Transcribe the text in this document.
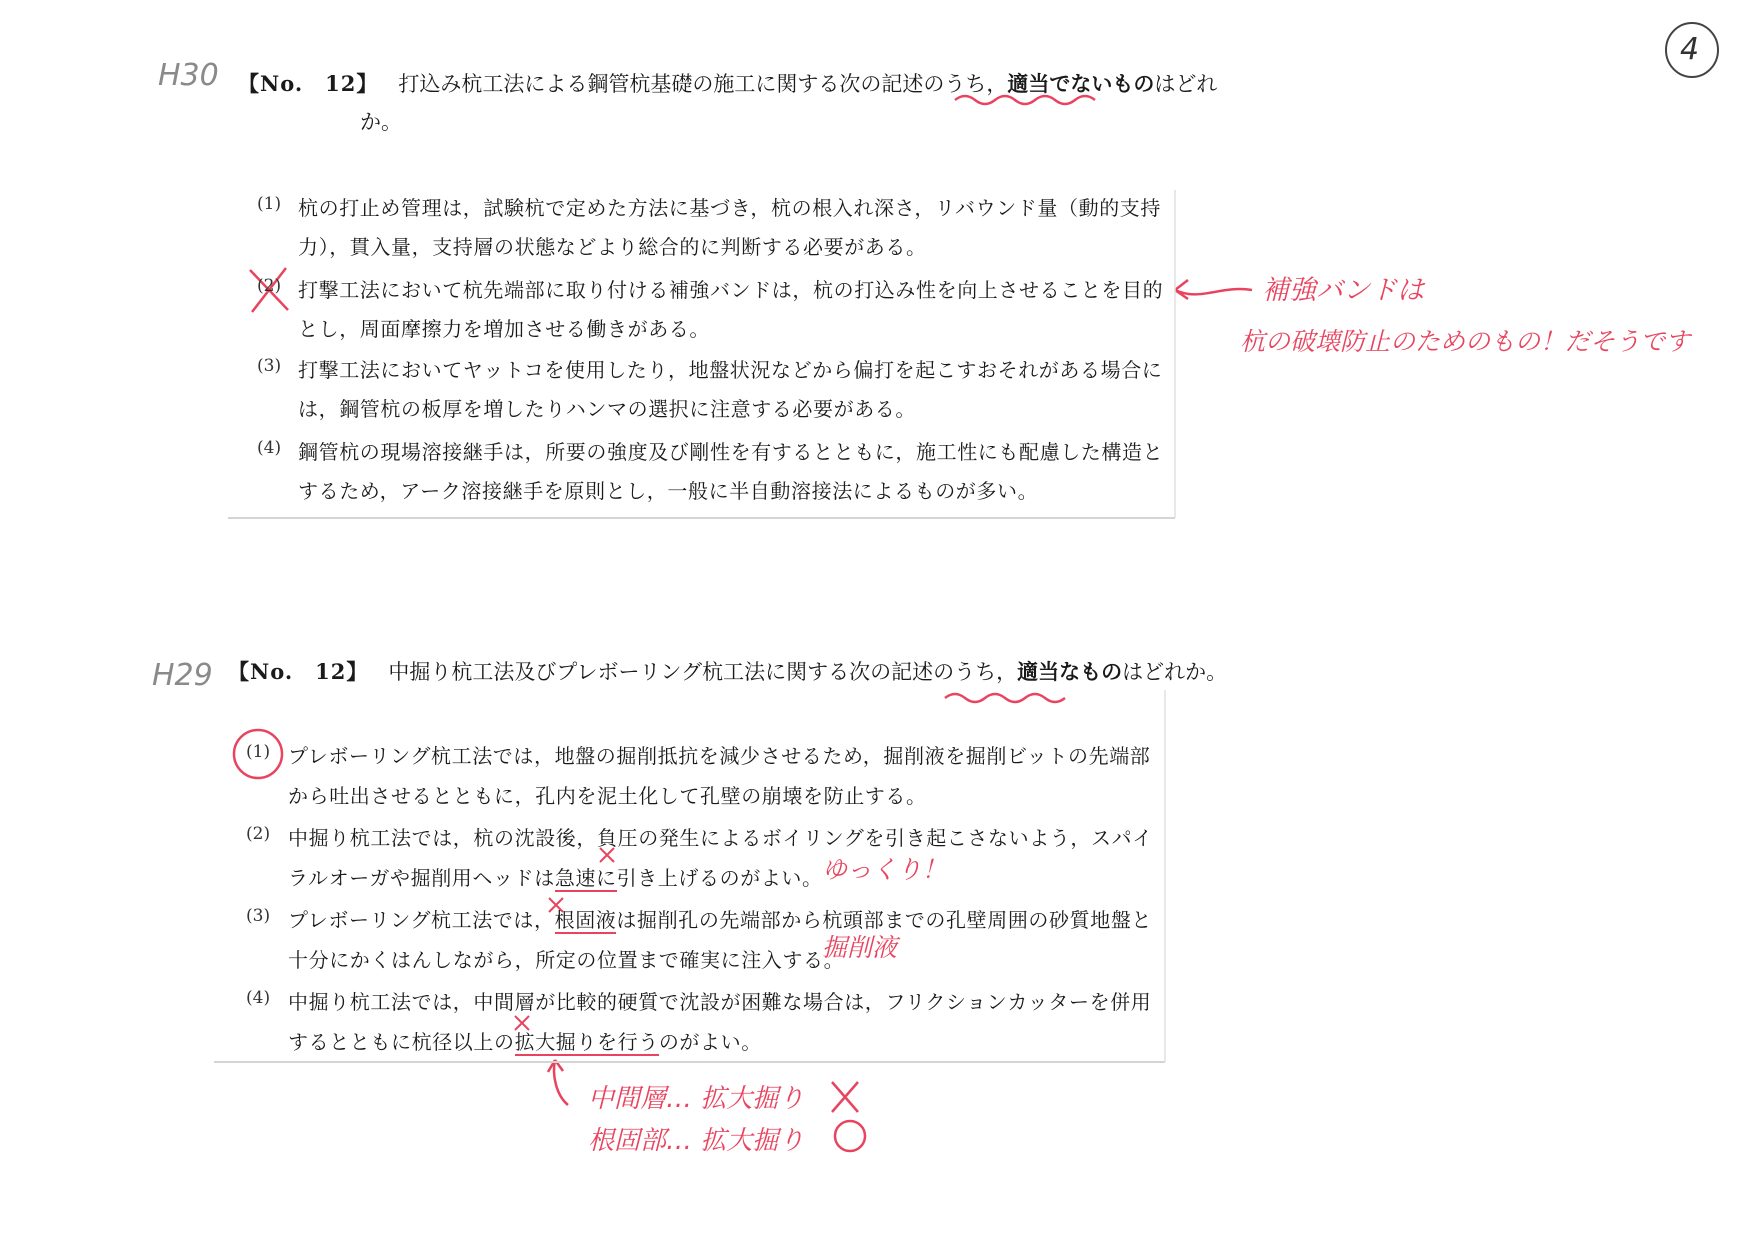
4
H30 【No.　12】 打込み杭工法による鋼管杭基礎の施工に関する次の記述のうち，適当でないものはどれ
か。
(1) 杭の打止め管理は，試験杭で定めた方法に基づき，杭の根入れ深さ，リバウンド量（動的支持
力），貫入量，支持層の状態などより総合的に判断する必要がある。
(2) 打撃工法において杭先端部に取り付ける補強バンドは，杭の打込み性を向上させることを目的
とし，周面摩擦力を増加させる働きがある。
(3) 打撃工法においてヤットコを使用したり，地盤状況などから偏打を起こすおそれがある場合に
は，鋼管杭の板厚を増したりハンマの選択に注意する必要がある。
(4) 鋼管杭の現場溶接継手は，所要の強度及び剛性を有するとともに，施工性にも配慮した構造と
するため，アーク溶接継手を原則とし，一般に半自動溶接法によるものが多い。
補強バンドは
杭の破壊防止のためのもの！だそうです
H29 【No.　12】 中掘り杭工法及びプレボーリング杭工法に関する次の記述のうち，適当なものはどれか。
(1) プレボーリング杭工法では，地盤の掘削抵抗を減少させるため，掘削液を掘削ビットの先端部
から吐出させるとともに，孔内を泥土化して孔壁の崩壊を防止する。
(2) 中掘り杭工法では，杭の沈設後，負圧の発生によるボイリングを引き起こさないよう，スパイ
ラルオーガや掘削用ヘッドは急速に引き上げるのがよい。 ゆっくり！
(3) プレボーリング杭工法では，根固液は掘削孔の先端部から杭頭部までの孔壁周囲の砂質地盤と
十分にかくはんしながら，所定の位置まで確実に注入する。
掘削液
(4) 中掘り杭工法では，中間層が比較的硬質で沈設が困難な場合は，フリクションカッターを併用
するとともに杭径以上の拡大掘りを行うのがよい。
中間層… 拡大掘り
根固部… 拡大掘り
